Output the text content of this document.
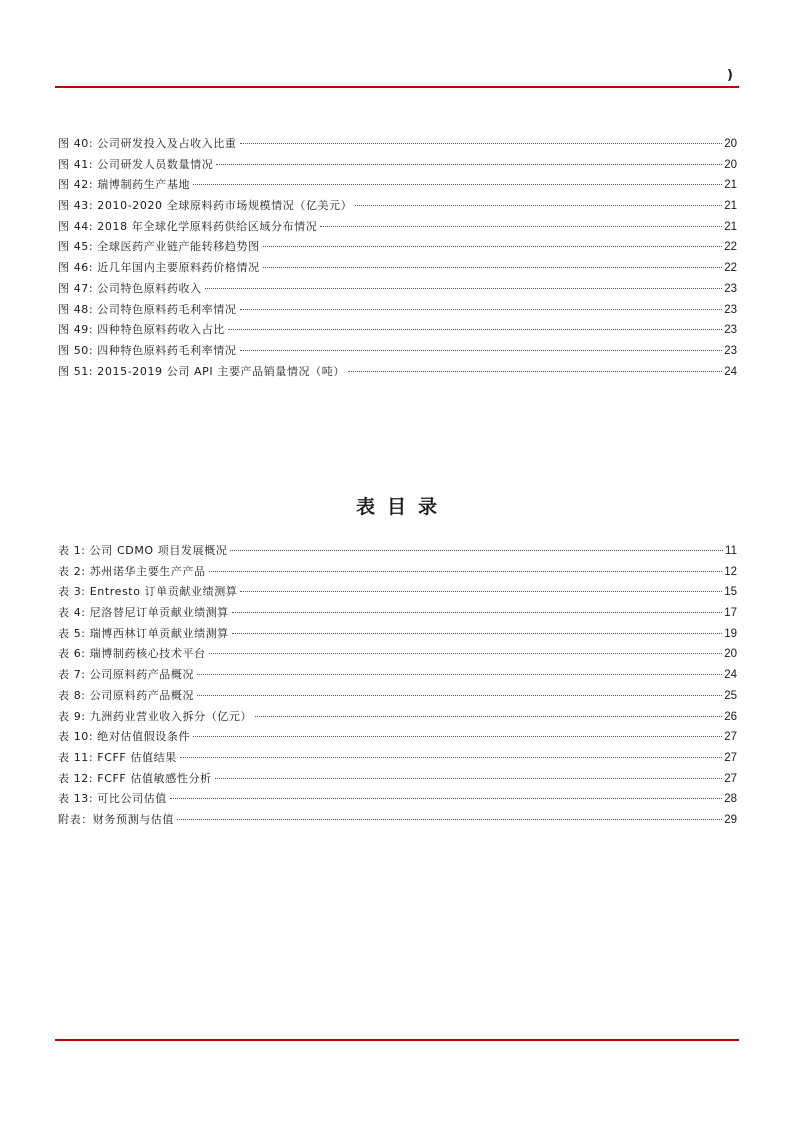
)
图 40: 公司研发投入及占收入比重	20
图 41: 公司研发人员数量情况	20
图 42: 瑞博制药生产基地	21
图 43: 2010-2020 全球原料药市场规模情况（亿美元）	21
图 44: 2018 年全球化学原料药供给区域分布情况	21
图 45: 全球医药产业链产能转移趋势图	22
图 46: 近几年国内主要原料药价格情况	22
图 47: 公司特色原料药收入	23
图 48: 公司特色原料药毛利率情况	23
图 49: 四种特色原料药收入占比	23
图 50: 四种特色原料药毛利率情况	23
图 51: 2015-2019 公司 API 主要产品销量情况（吨）	24
表目录
表 1: 公司 CDMO 项目发展概况	11
表 2: 苏州诺华主要生产产品	12
表 3: Entresto 订单贡献业绩测算	15
表 4: 尼洛替尼订单贡献业绩测算	17
表 5: 瑞博西林订单贡献业绩测算	19
表 6: 瑞博制药核心技术平台	20
表 7: 公司原料药产品概况	24
表 8: 公司原料药产品概况	25
表 9: 九洲药业营业收入拆分（亿元）	26
表 10: 绝对估值假设条件	27
表 11: FCFF 估值结果	27
表 12: FCFF 估值敏感性分析	27
表 13: 可比公司估值	28
附表：财务预测与估值	29
